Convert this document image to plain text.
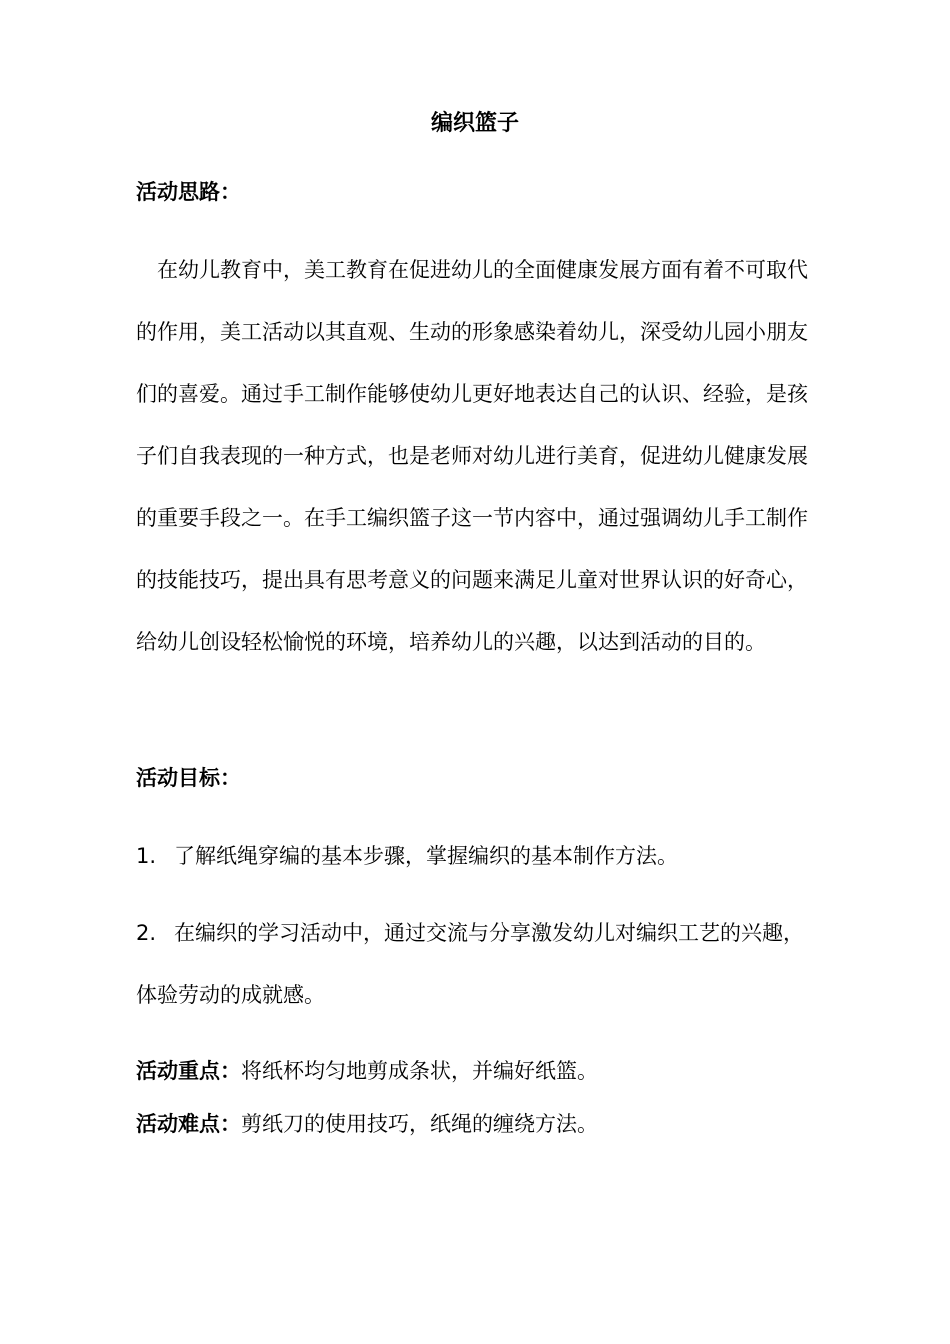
编织篮子
活动思路：

在幼儿教育中，美工教育在促进幼儿的全面健康发展方面有着不可取代的作用，美工活动以其直观、生动的形象感染着幼儿，深受幼儿园小朋友们的喜爱。通过手工制作能够使幼儿更好地表达自己的认识、经验，是孩子们自我表现的一种方式，也是老师对幼儿进行美育，促进幼儿健康发展的重要手段之一。在手工编织篮子这一节内容中，通过强调幼儿手工制作的技能技巧，提出具有思考意义的问题来满足儿童对世界认识的好奇心，给幼儿创设轻松愉悦的环境，培养幼儿的兴趣，以达到活动的目的。

活动目标：

1. 了解纸绳穿编的基本步骤，掌握编织的基本制作方法。

2. 在编织的学习活动中，通过交流与分享激发幼儿对编织工艺的兴趣，体验劳动的成就感。

活动重点：将纸杯均匀地剪成条状，并编好纸篮。
活动难点：剪纸刀的使用技巧，纸绳的缠绕方法。
